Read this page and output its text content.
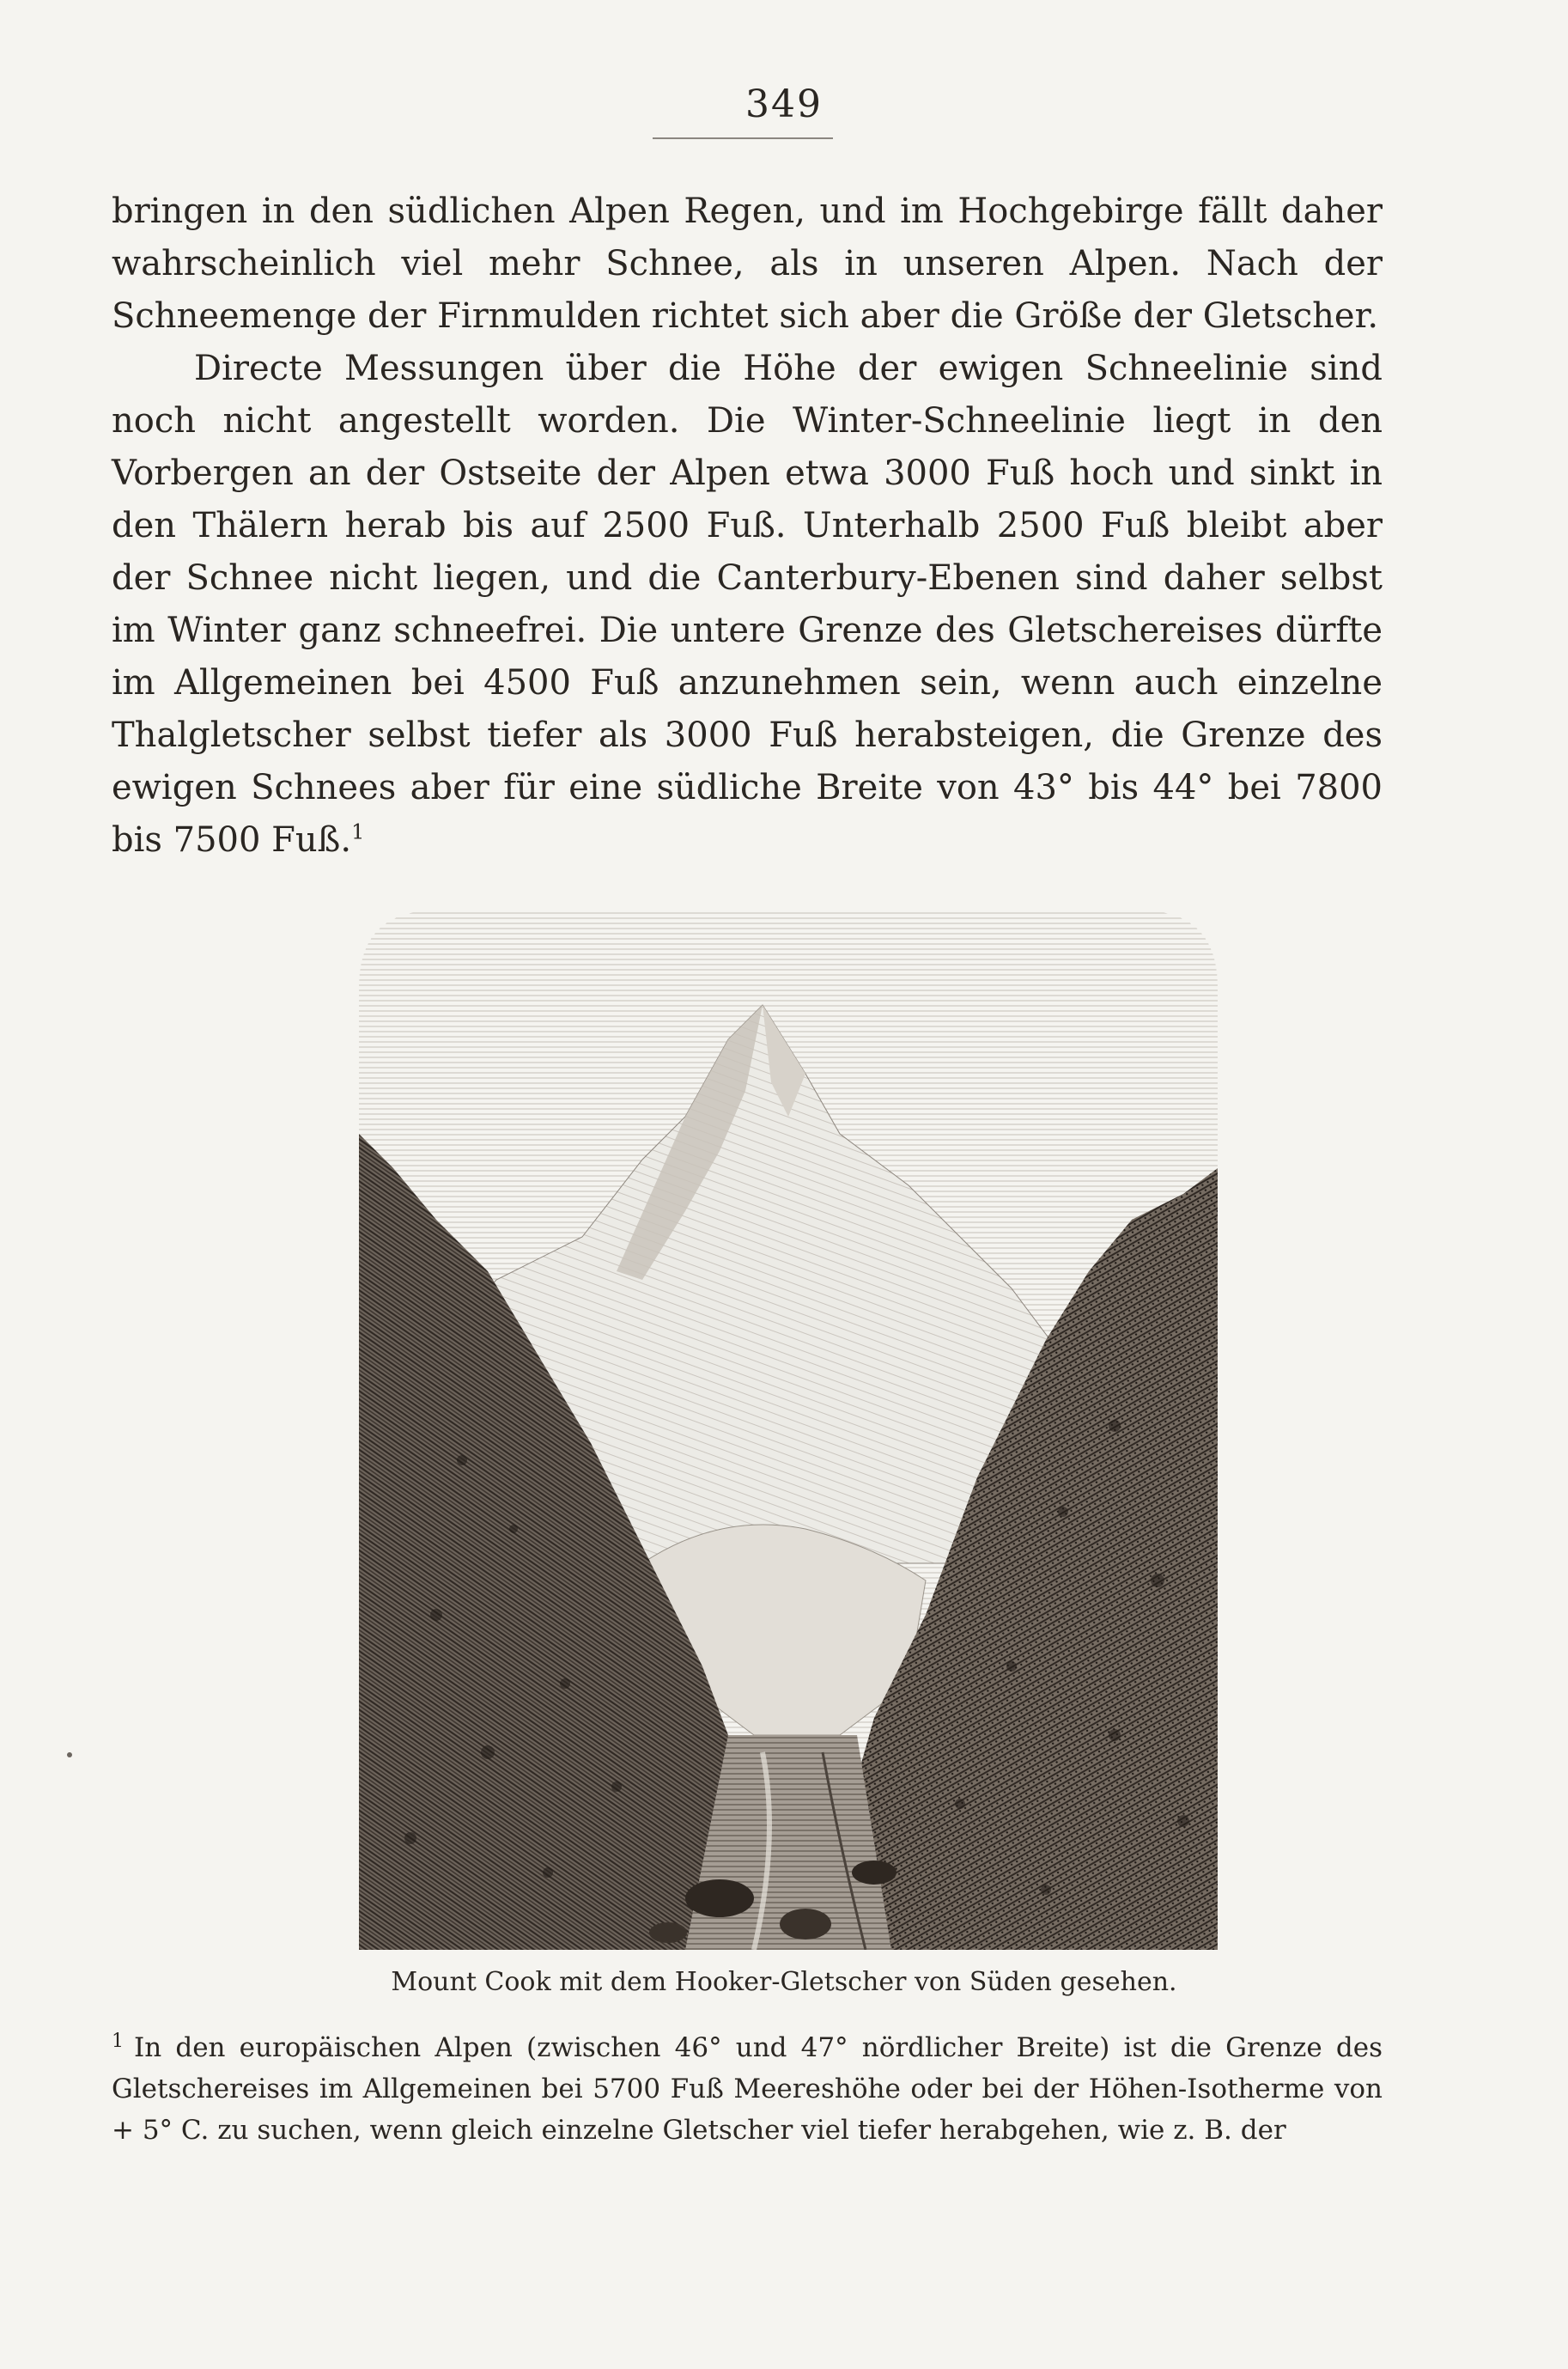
349

bringen in den südlichen Alpen Regen, und im Hochgebirge fällt daher wahrscheinlich viel mehr Schnee, als in unseren Alpen. Nach der Schneemenge der Firnmulden richtet sich aber die Größe der Gletscher.

Directe Messungen über die Höhe der ewigen Schneelinie sind noch nicht angestellt worden. Die Winter-Schneelinie liegt in den Vorbergen an der Ostseite der Alpen etwa 3000 Fuß hoch und sinkt in den Thälern herab bis auf 2500 Fuß. Unterhalb 2500 Fuß bleibt aber der Schnee nicht liegen, und die Canterbury-Ebenen sind daher selbst im Winter ganz schneefrei. Die untere Grenze des Gletschereises dürfte im Allgemeinen bei 4500 Fuß anzunehmen sein, wenn auch einzelne Thalgletscher selbst tiefer als 3000 Fuß herabsteigen, die Grenze des ewigen Schnees aber für eine südliche Breite von 43° bis 44° bei 7800 bis 7500 Fuß.$^1$

Mount Cook mit dem Hooker-Gletscher von Süden gesehen.
$^1$ In den europäischen Alpen (zwischen 46° und 47° nördlicher Breite) ist die Grenze des Gletschereises im Allgemeinen bei 5700 Fuß Meereshöhe oder bei der Höhen-Isotherme von + 5° C. zu suchen, wenn gleich einzelne Gletscher viel tiefer herabgehen, wie z. B. der
